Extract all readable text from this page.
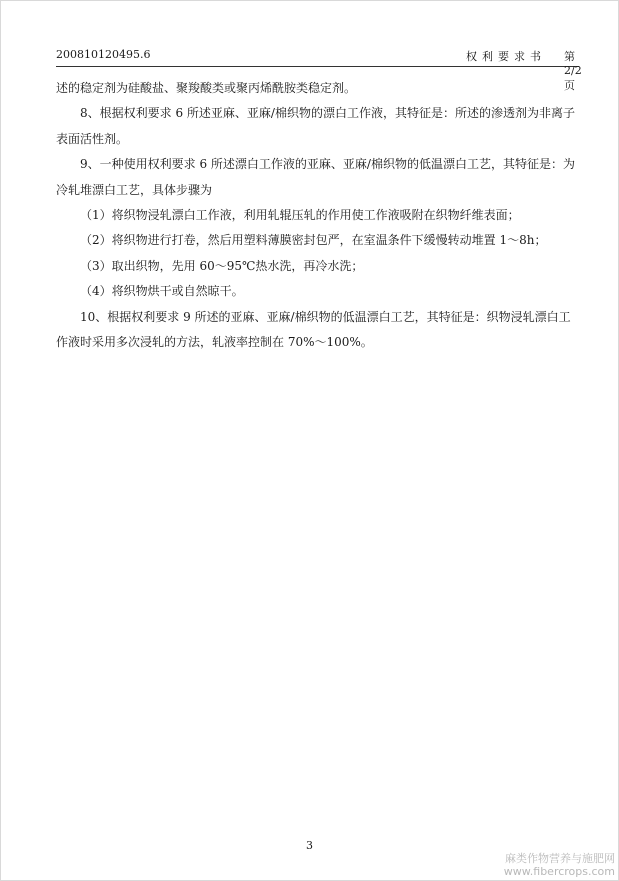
200810120495.6	权利要求书 第2/2页

述的稳定剂为硅酸盐、聚羧酸类或聚丙烯酰胺类稳定剂。

8、根据权利要求 6 所述亚麻、亚麻/棉织物的漂白工作液，其特征是：所述的渗透剂为非离子表面活性剂。

9、一种使用权利要求 6 所述漂白工作液的亚麻、亚麻/棉织物的低温漂白工艺，其特征是：为冷轧堆漂白工艺，具体步骤为

（1）将织物浸轧漂白工作液，利用轧辊压轧的作用使工作液吸附在织物纤维表面；

（2）将织物进行打卷，然后用塑料薄膜密封包严，在室温条件下缓慢转动堆置 1～8h；

（3）取出织物，先用 60～95℃热水洗，再冷水洗；

（4）将织物烘干或自然晾干。

10、根据权利要求 9 所述的亚麻、亚麻/棉织物的低温漂白工艺，其特征是：织物浸轧漂白工作液时采用多次浸轧的方法，轧液率控制在 70%～100%。

3
麻类作物营养与施肥网
www.fibercrops.com
